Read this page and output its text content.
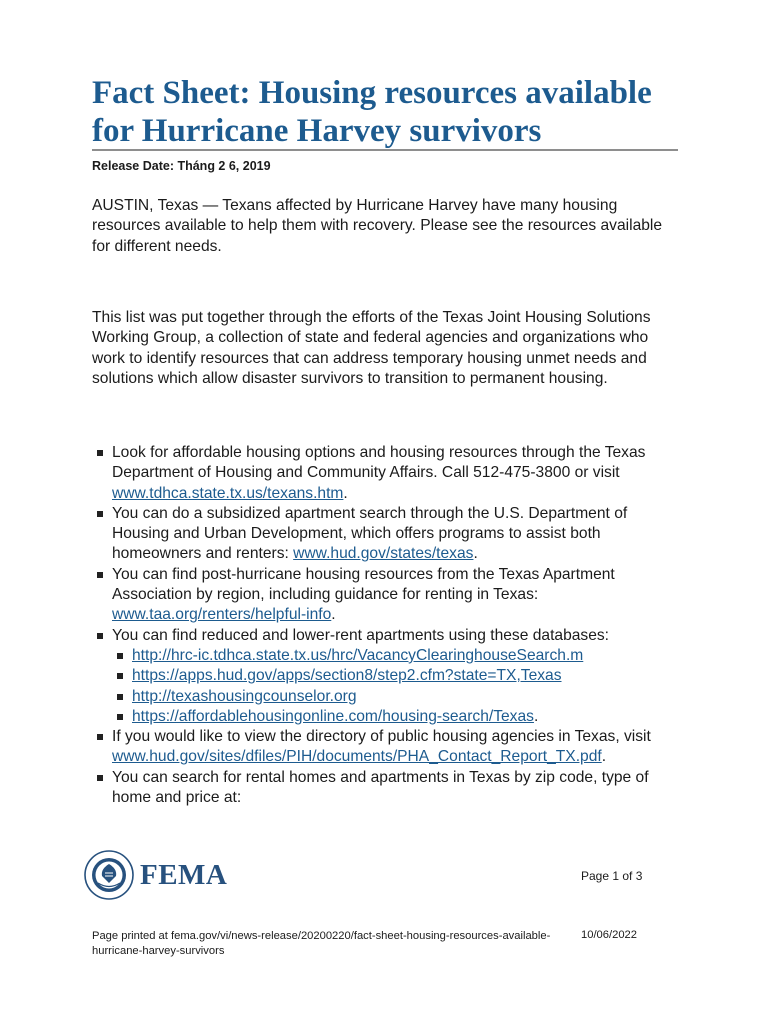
Fact Sheet: Housing resources available for Hurricane Harvey survivors
Release Date: Tháng 2 6, 2019

AUSTIN, Texas — Texans affected by Hurricane Harvey have many housing resources available to help them with recovery. Please see the resources available for different needs.

This list was put together through the efforts of the Texas Joint Housing Solutions Working Group, a collection of state and federal agencies and organizations who work to identify resources that can address temporary housing unmet needs and solutions which allow disaster survivors to transition to permanent housing.

Look for affordable housing options and housing resources through the Texas Department of Housing and Community Affairs. Call 512-475-3800 or visit www.tdhca.state.tx.us/texans.htm.
You can do a subsidized apartment search through the U.S. Department of Housing and Urban Development, which offers programs to assist both homeowners and renters: www.hud.gov/states/texas.
You can find post-hurricane housing resources from the Texas Apartment Association by region, including guidance for renting in Texas: www.taa.org/renters/helpful-info.
You can find reduced and lower-rent apartments using these databases:
http://hrc-ic.tdhca.state.tx.us/hrc/VacancyClearinghouseSearch.m
https://apps.hud.gov/apps/section8/step2.cfm?state=TX,Texas
http://texashousingcounselor.org
https://affordablehousingonline.com/housing-search/Texas.
If you would like to view the directory of public housing agencies in Texas, visit www.hud.gov/sites/dfiles/PIH/documents/PHA_Contact_Report_TX.pdf.
You can search for rental homes and apartments in Texas by zip code, type of home and price at:
FEMA	Page 1 of 3

Page printed at fema.gov/vi/news-release/20200220/fact-sheet-housing-resources-available-hurricane-harvey-survivors

10/06/2022
